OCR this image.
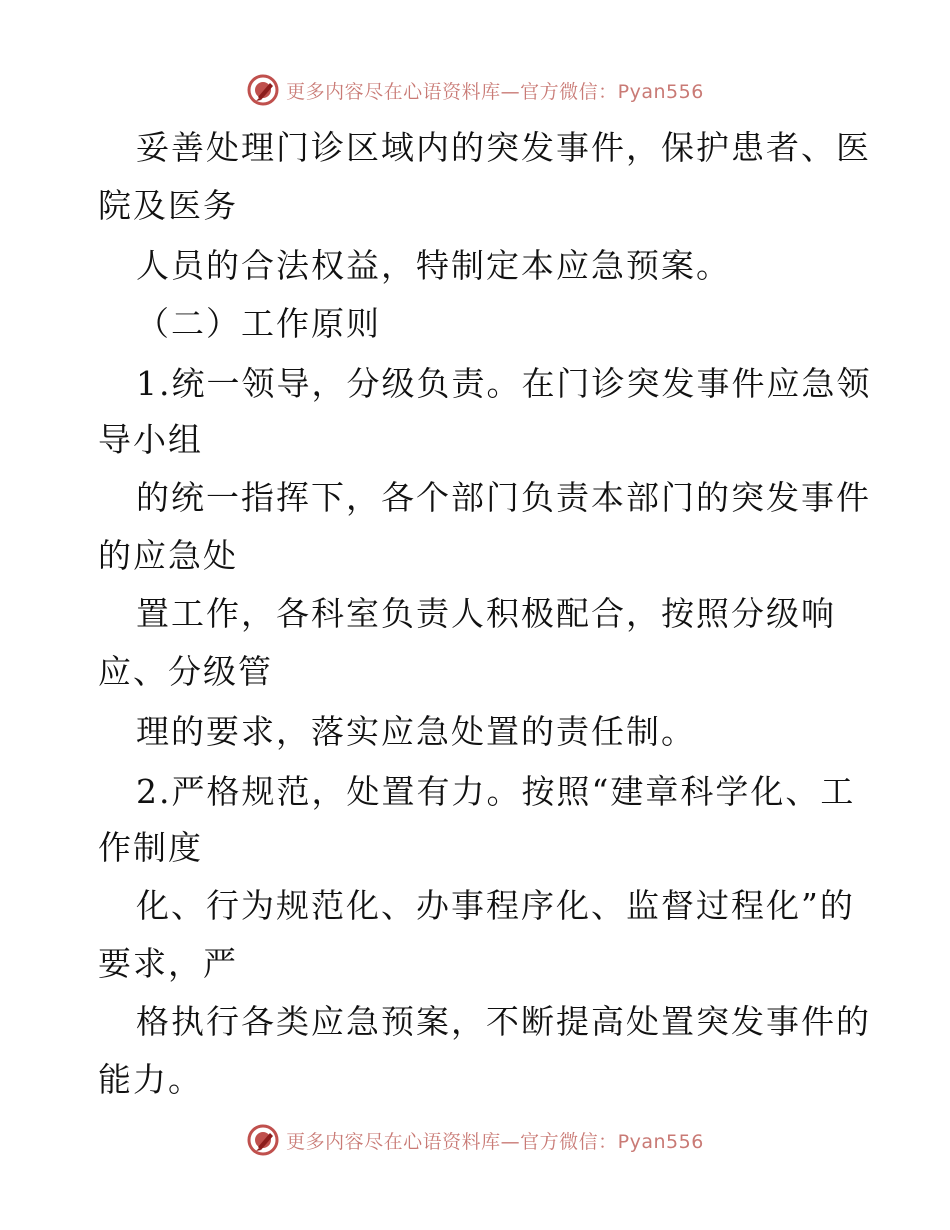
更多内容尽在心语资料库—官方微信：Pyan556
妥善处理门诊区域内的突发事件，保护患者、医
院及医务
人员的合法权益，特制定本应急预案。
（二）工作原则
1.统一领导，分级负责。在门诊突发事件应急领
导小组
的统一指挥下，各个部门负责本部门的突发事件
的应急处
置工作，各科室负责人积极配合，按照分级响
应、分级管
理的要求，落实应急处置的责任制。
2.严格规范，处置有力。按照“建章科学化、工
作制度
化、行为规范化、办事程序化、监督过程化”的
要求，严
格执行各类应急预案，不断提高处置突发事件的
能力。
更多内容尽在心语资料库—官方微信：Pyan556
